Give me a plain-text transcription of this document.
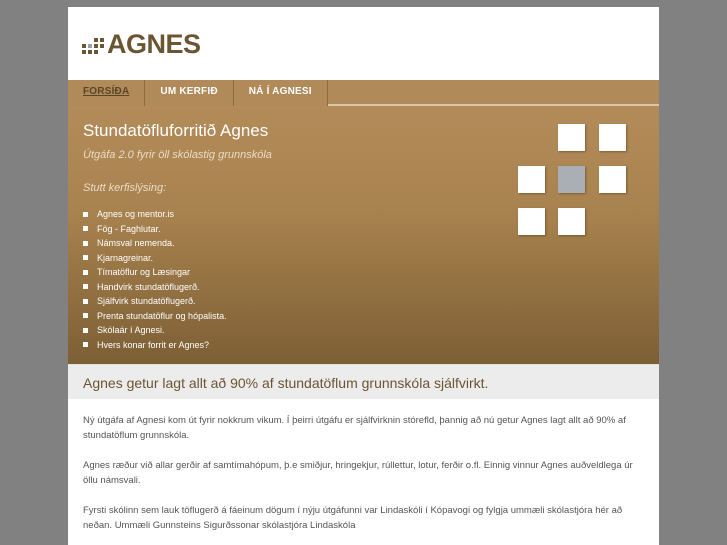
AGNES
FORSÍÐA	UM KERFIÐ	NÁ Í AGNESI
Stundatöfluforritið Agnes
Útgáfa 2.0 fyrir öll skólastig grunnskóla
Stutt kerfislýsing:
Agnes og mentor.is
Fög - Faghlutar.
Námsval nemenda.
Kjarnagreinar.
Tímatöflur og Læsingar
Handvirk stundatöflugerð.
Sjálfvirk stundatöflugerð.
Prenta stundatöflur og hópalista.
Skólaár í Agnesi.
Hvers konar forrit er Agnes?
Agnes getur lagt allt að 90% af stundatöflum grunnskóla sjálfvirkt.

Ný útgáfa af Agnesi kom út fyrir nokkrum vikum. Í þeirri útgáfu er sjálfvirknin stórefld, þannig að nú getur Agnes lagt allt að 90% af stundatöflum grunnskóla.

Agnes ræður við allar gerðir af samtímahópum, þ.e smiðjur, hringekjur, rúllettur, lotur, ferðir o.fl. Einnig vinnur Agnes auðveldlega úr öllu námsvali.

Fyrsti skólinn sem lauk töflugerð á fáeinum dögum í nýju útgáfunni var Lindaskóli í Kópavogi og fylgja ummæli skólastjóra hér að neðan. Ummæli Gunnsteins Sigurðssonar skólastjóra Lindaskóla
